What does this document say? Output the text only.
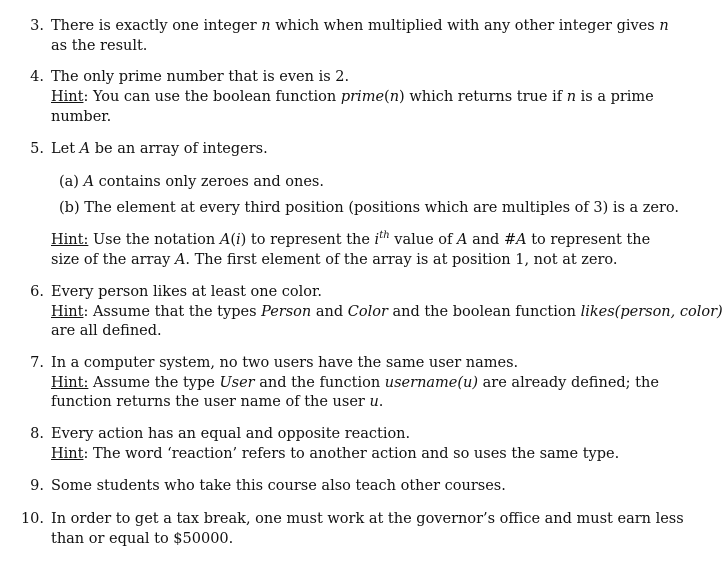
3. There is exactly one integer n which when multiplied with any other integer gives n
as the result.
4. The only prime number that is even is 2.
Hint: You can use the boolean function prime(n) which returns true if n is a prime
number.
5. Let A be an array of integers.
(a) A contains only zeroes and ones.
(b) The element at every third position (positions which are multiples of 3) is a zero.
Hint: Use the notation A(i) to represent the $i^{th}$ value of A and #A to represent the
size of the array A. The first element of the array is at position 1, not at zero.
6. Every person likes at least one color.
Hint: Assume that the types Person and Color and the boolean function likes(person, color)
are all defined.
7. In a computer system, no two users have the same user names.
Hint: Assume the type User and the function username(u) are already defined; the
function returns the user name of the user u.
8. Every action has an equal and opposite reaction.
Hint: The word ‘reaction’ refers to another action and so uses the same type.
9. Some students who take this course also teach other courses.
10. In order to get a tax break, one must work at the governor’s office and must earn less
than or equal to $50000.
